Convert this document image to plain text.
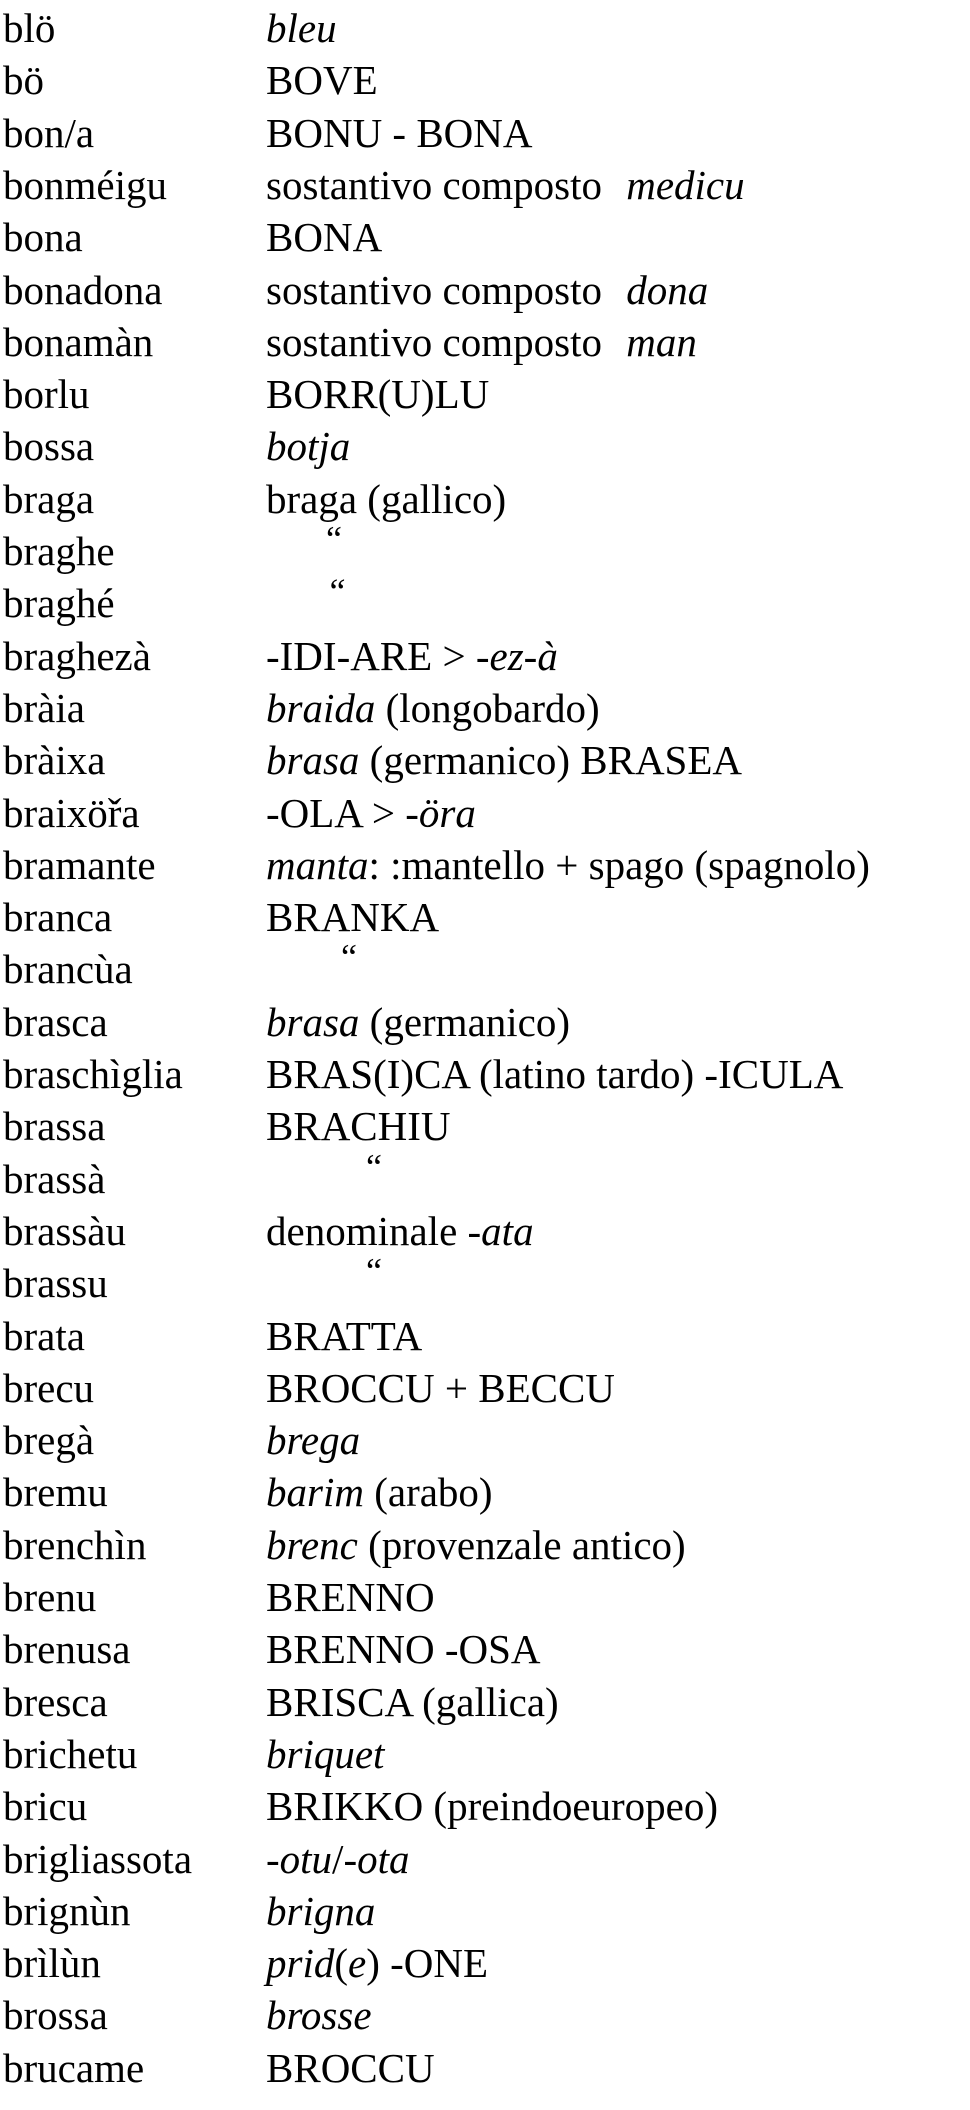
blö	bleu
bö	BOVE
bon/a	BONU - BONA
bonméigu sostantivo composto medicu
bona	BONA
bonadona	sostantivo composto dona
bonamàn	sostantivo composto man
borlu	BORR(U)LU
bossa	botja
braga	braga (gallico)
braghe	“
braghé	“
braghezà	-IDI-ARE > -ez-à
bràia	braida (longobardo)
bràixa	brasa (germanico) BRASEA
braixöřa	-OLA > -öra
bramante	manta: :mantello + spago (spagnolo)
branca	BRANKA
brancùa	“
brasca	brasa (germanico)
braschìglia BRAS(I)CA (latino tardo) -ICULA
brassa	BRACHIU
brassà	“
brassàu	denominale -ata
brassu	“
brata	BRATTA
brecu	BROCCU + BECCU
bregà	brega
bremu	barim (arabo)
brenchìn	brenc (provenzale antico)
brenu	BRENNO
brenusa	BRENNO -OSA
bresca	BRISCA (gallica)
brichetu	briquet
bricu	BRIKKO (preindoeuropeo)
brigliassota -otu/-ota
brignùn	brigna
brìlùn	prid(e) -ONE
brossa	brosse
brucame	BROCCU
